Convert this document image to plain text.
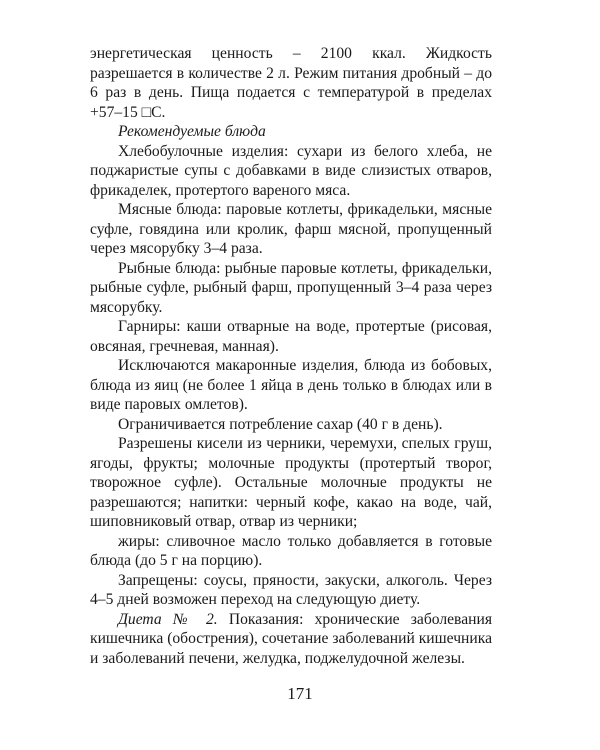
энергетическая ценность – 2100 ккал. Жидкость разрешается в количестве 2 л. Режим питания дробный – до 6 раз в день. Пища подается с температурой в пределах +57–15 □С.

Рекомендуемые блюда

Хлебобулочные изделия: сухари из белого хлеба, не поджаристые супы с добавками в виде слизистых отваров, фрикаделек, протертого вареного мяса.

Мясные блюда: паровые котлеты, фрикадельки, мясные суфле, говядина или кролик, фарш мясной, пропущенный через мясорубку 3–4 раза.

Рыбные блюда: рыбные паровые котлеты, фрикадельки, рыбные суфле, рыбный фарш, пропущенный 3–4 раза через мясорубку.

Гарниры: каши отварные на воде, протертые (рисовая, овсяная, гречневая, манная).

Исключаются макаронные изделия, блюда из бобовых, блюда из яиц (не более 1 яйца в день только в блюдах или в виде паровых омлетов).

Ограничивается потребление сахар (40 г в день).

Разрешены кисели из черники, черемухи, спелых груш, ягоды, фрукты; молочные продукты (протертый творог, творожное суфле). Остальные молочные продукты не разрешаются; напитки: черный кофе, какао на воде, чай, шиповниковый отвар, отвар из черники;

жиры: сливочное масло только добавляется в готовые блюда (до 5 г на порцию).

Запрещены: соусы, пряности, закуски, алкоголь. Через 4–5 дней возможен переход на следующую диету.

Диета № 2. Показания: хронические заболевания кишечника (обострения), сочетание заболеваний кишечника и заболеваний печени, желудка, поджелудочной железы.

171
